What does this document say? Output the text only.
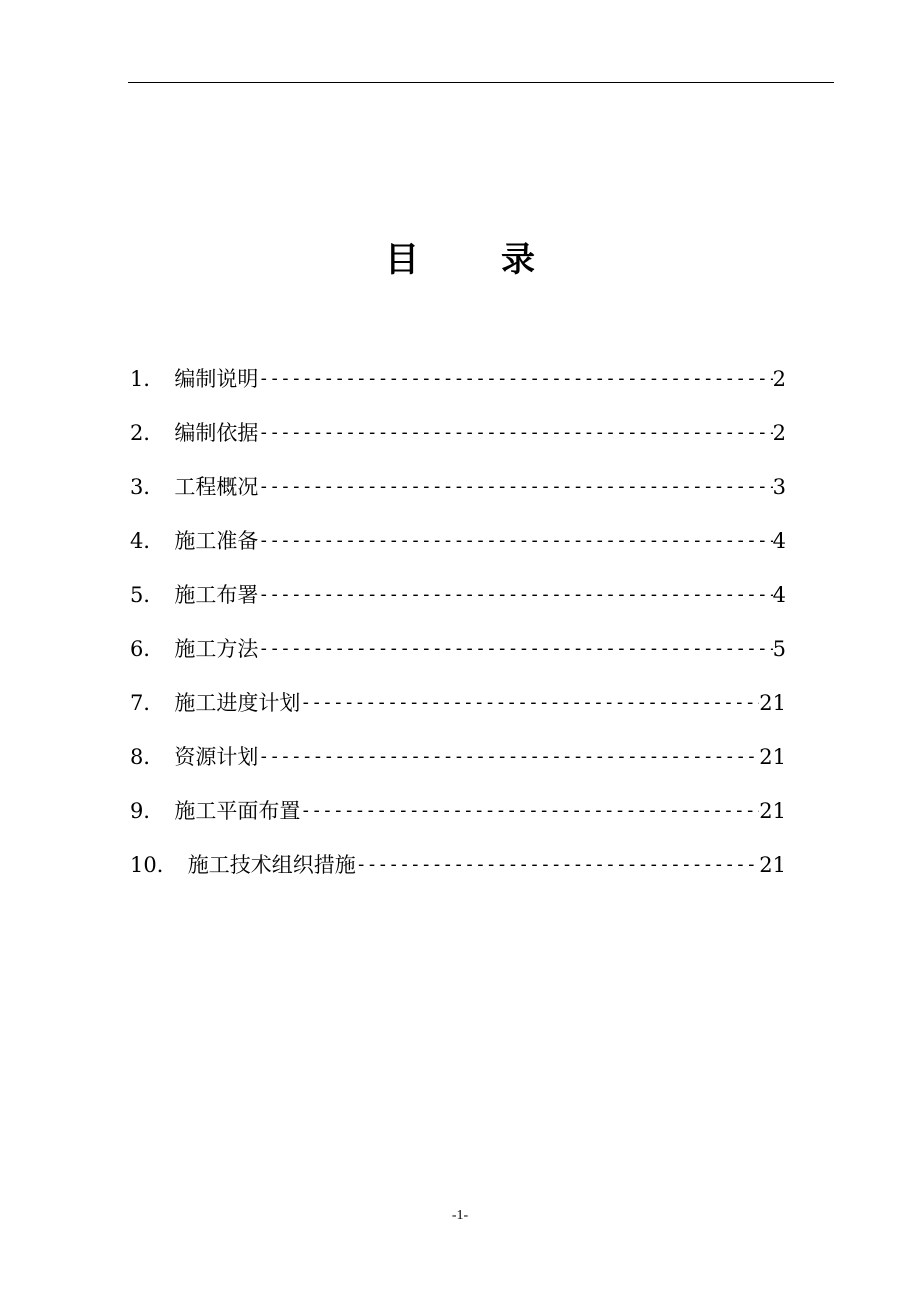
目 录
1． 编制说明 -----	2
2． 编制依据 -----	2
3． 工程概况 -----	3
4． 施工准备 -----	4
5． 施工布署 -----	4
6． 施工方法 -----	5
7． 施工进度计划 -----	21
8． 资源计划 -----	21
9． 施工平面布置 -----	21
10． 施工技术组织措施 -----	21
-1-
